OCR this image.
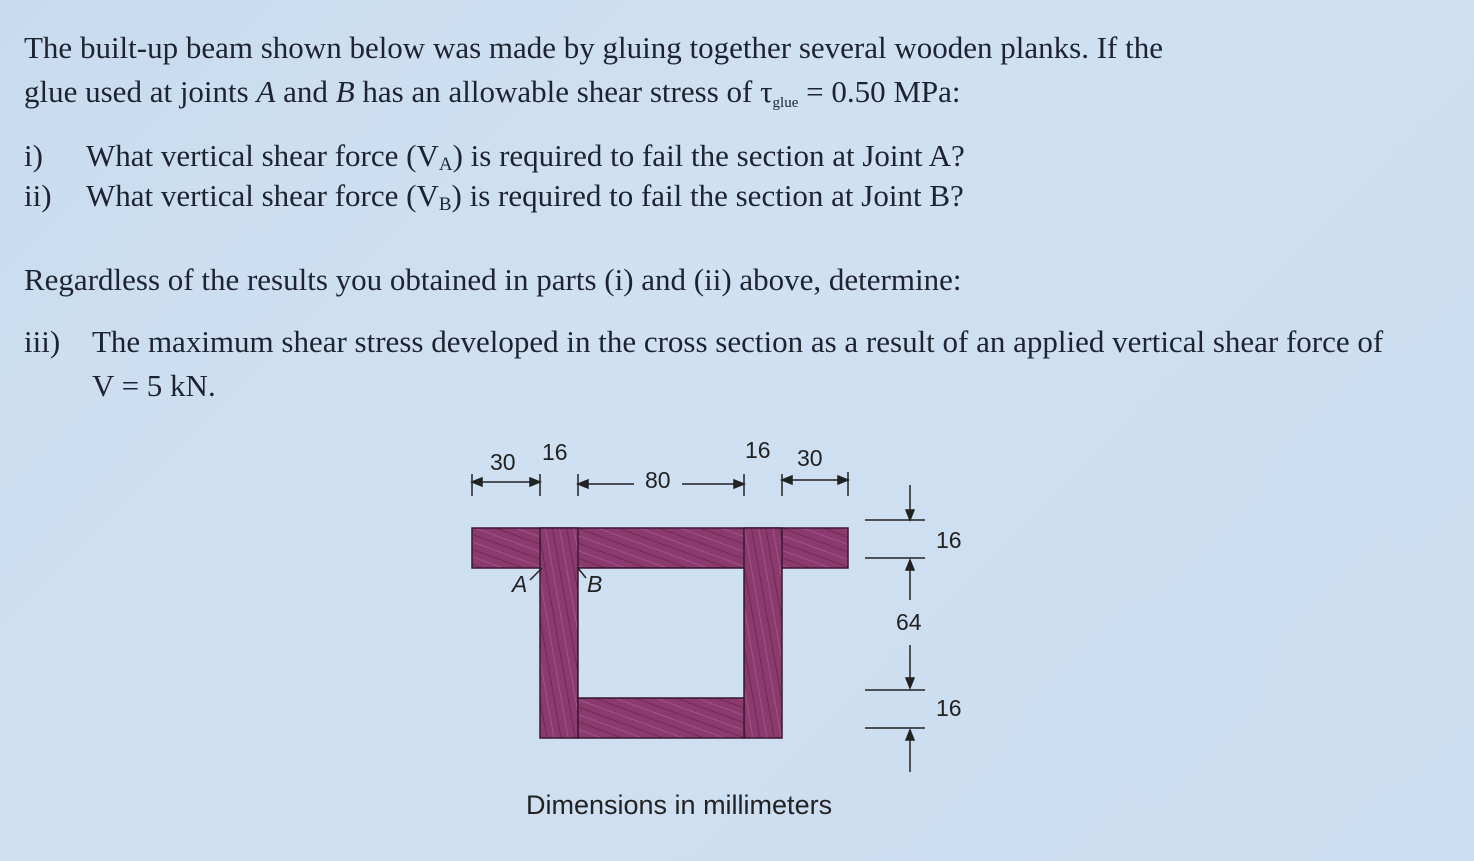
The built-up beam shown below was made by gluing together several wooden planks. If the
glue used at joints A and B has an allowable shear stress of $\tau_{glue} = 0.50$ MPa:

i) What vertical shear force $(V_A)$ is required to fail the section at Joint A?
ii) What vertical shear force $(V_B)$ is required to fail the section at Joint B?

Regardless of the results you obtained in parts (i) and (ii) above, determine:

iii) The maximum shear stress developed in the cross section as a result of an applied vertical shear force of V = 5 kN.
A	B
30 16
80
16 30
16
64
16
Dimensions in millimeters
